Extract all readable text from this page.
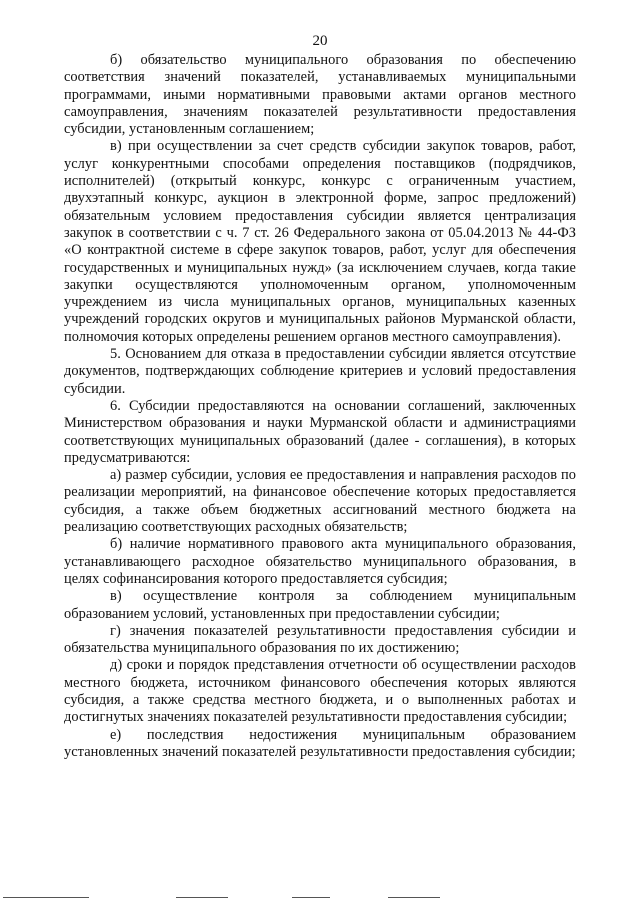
20

б) обязательство муниципального образования по обеспечению соответствия значений показателей, устанавливаемых муниципальными программами, иными нормативными правовыми актами органов местного самоуправления, значениям показателей результативности предоставления субсидии, установленным соглашением;

в) при осуществлении за счет средств субсидии закупок товаров, работ, услуг конкурентными способами определения поставщиков (подрядчиков, исполнителей) (открытый конкурс, конкурс с ограниченным участием, двухэтапный конкурс, аукцион в электронной форме, запрос предложений) обязательным условием предоставления субсидии является централизация закупок в соответствии с ч. 7 ст. 26 Федерального закона от 05.04.2013 № 44-ФЗ «О контрактной системе в сфере закупок товаров, работ, услуг для обеспечения государственных и муниципальных нужд» (за исключением случаев, когда такие закупки осуществляются уполномоченным органом, уполномоченным учреждением из числа муниципальных органов, муниципальных казенных учреждений городских округов и муниципальных районов Мурманской области, полномочия которых определены решением органов местного самоуправления).

5. Основанием для отказа в предоставлении субсидии является отсутствие документов, подтверждающих соблюдение критериев и условий предоставления субсидии.

6. Субсидии предоставляются на основании соглашений, заключенных Министерством образования и науки Мурманской области и администрациями соответствующих муниципальных образований (далее - соглашения), в которых предусматриваются:

а) размер субсидии, условия ее предоставления и направления расходов по реализации мероприятий, на финансовое обеспечение которых предоставляется субсидия, а также объем бюджетных ассигнований местного бюджета на реализацию соответствующих расходных обязательств;

б) наличие нормативного правового акта муниципального образования, устанавливающего расходное обязательство муниципального образования, в целях софинансирования которого предоставляется субсидия;

в) осуществление контроля за соблюдением муниципальным образованием условий, установленных при предоставлении субсидии;

г) значения показателей результативности предоставления субсидии и обязательства муниципального образования по их достижению;

д) сроки и порядок представления отчетности об осуществлении расходов местного бюджета, источником финансового обеспечения которых являются субсидия, а также средства местного бюджета, и о выполненных работах и достигнутых значениях показателей результативности предоставления субсидии;

е) последствия недостижения муниципальным образованием установленных значений показателей результативности предоставления субсидии;
